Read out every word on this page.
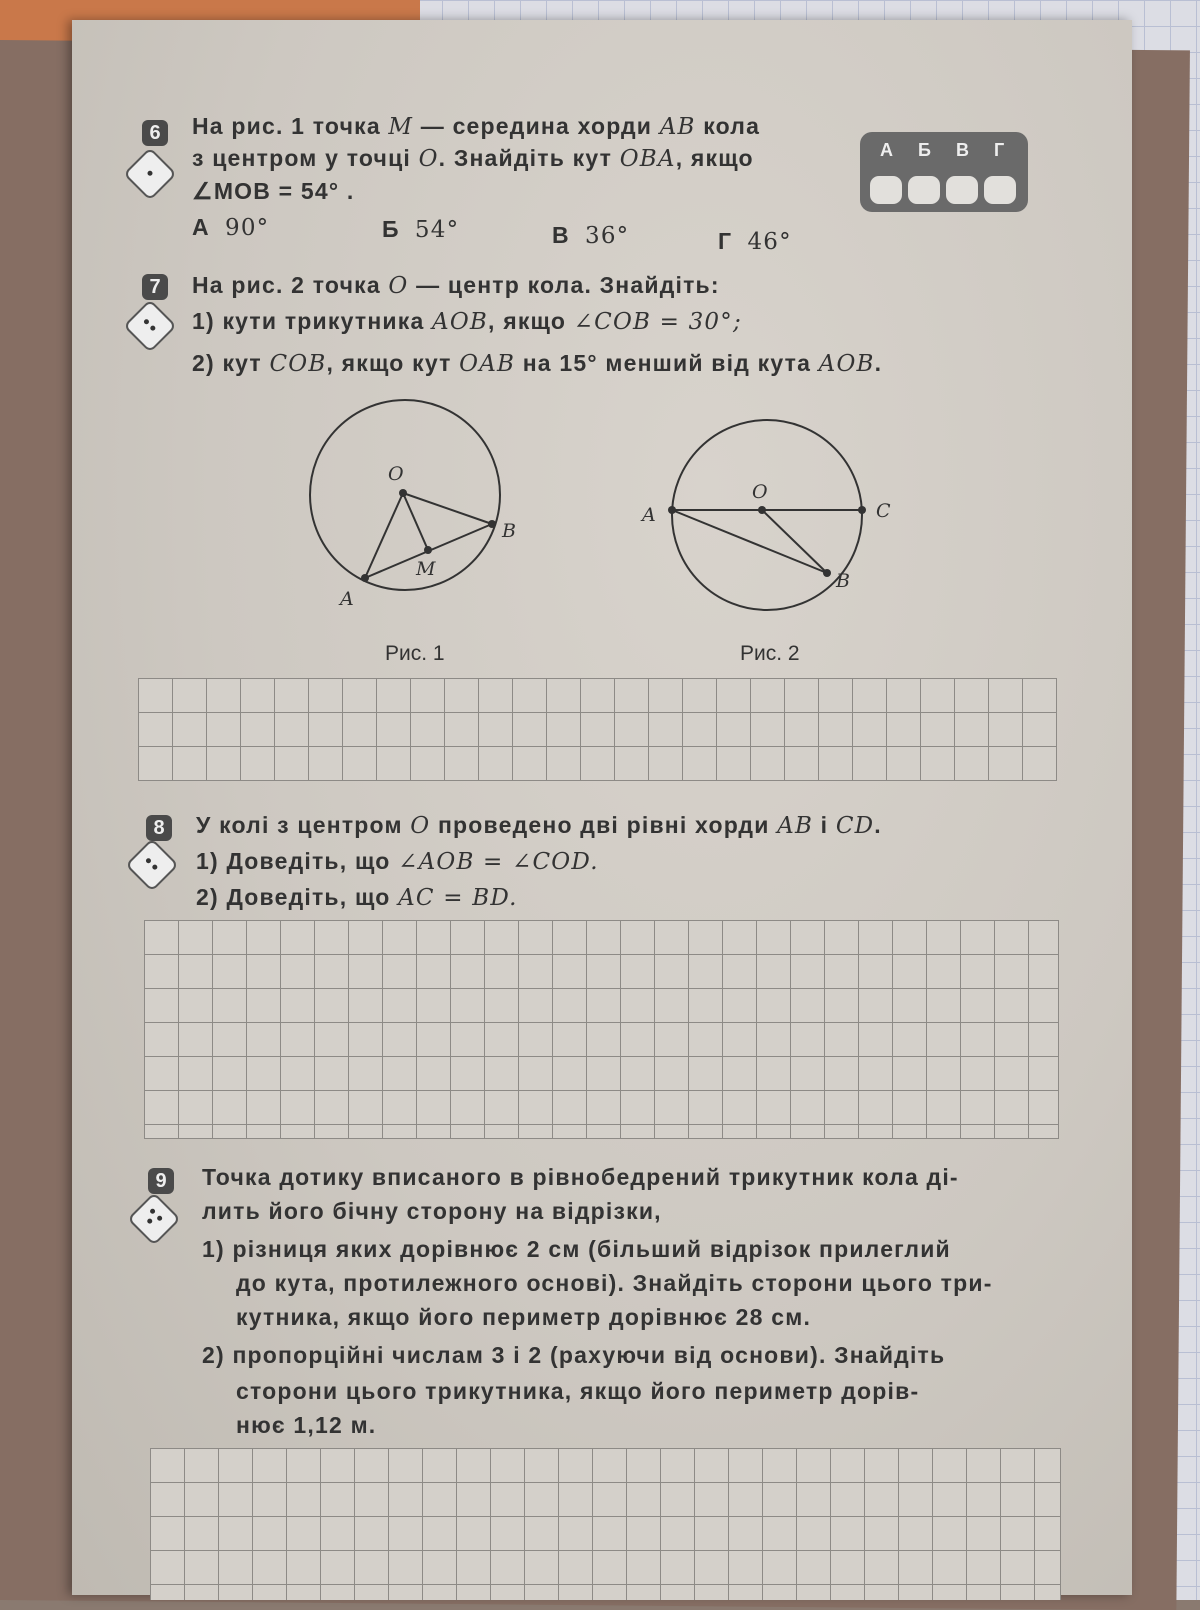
6	На рис. 1 точка M — середина хорди AB кола
з центром у точці O. Знайдіть кут OBA, якщо
∠MOB = 54° .
А 90°	Б 54°	В 36°	Г 46°
А Б В Г
7	На рис. 2 точка O — центр кола. Знайдіть:
1) кути трикутника AOB, якщо ∠COB = 30°;
2) кут COB, якщо кут OAB на 15° менший від кута AOB.
O
A
B
M
Рис. 1
O
A	C
B
Рис. 2
8	У колі з центром O проведено дві рівні хорди AB і CD.
1) Доведіть, що ∠AOB = ∠COD.
2) Доведіть, що AC = BD.
9	Точка дотику вписаного в рівнобедрений трикутник кола ді-
лить його бічну сторону на відрізки,
1) різниця яких дорівнює 2 см (більший відрізок прилеглий
до кута, протилежного основі). Знайдіть сторони цього три-
кутника, якщо його периметр дорівнює 28 см.
2) пропорційні числам 3 і 2 (рахуючи від основи). Знайдіть
сторони цього трикутника, якщо його периметр дорів-
нює 1,12 м.
